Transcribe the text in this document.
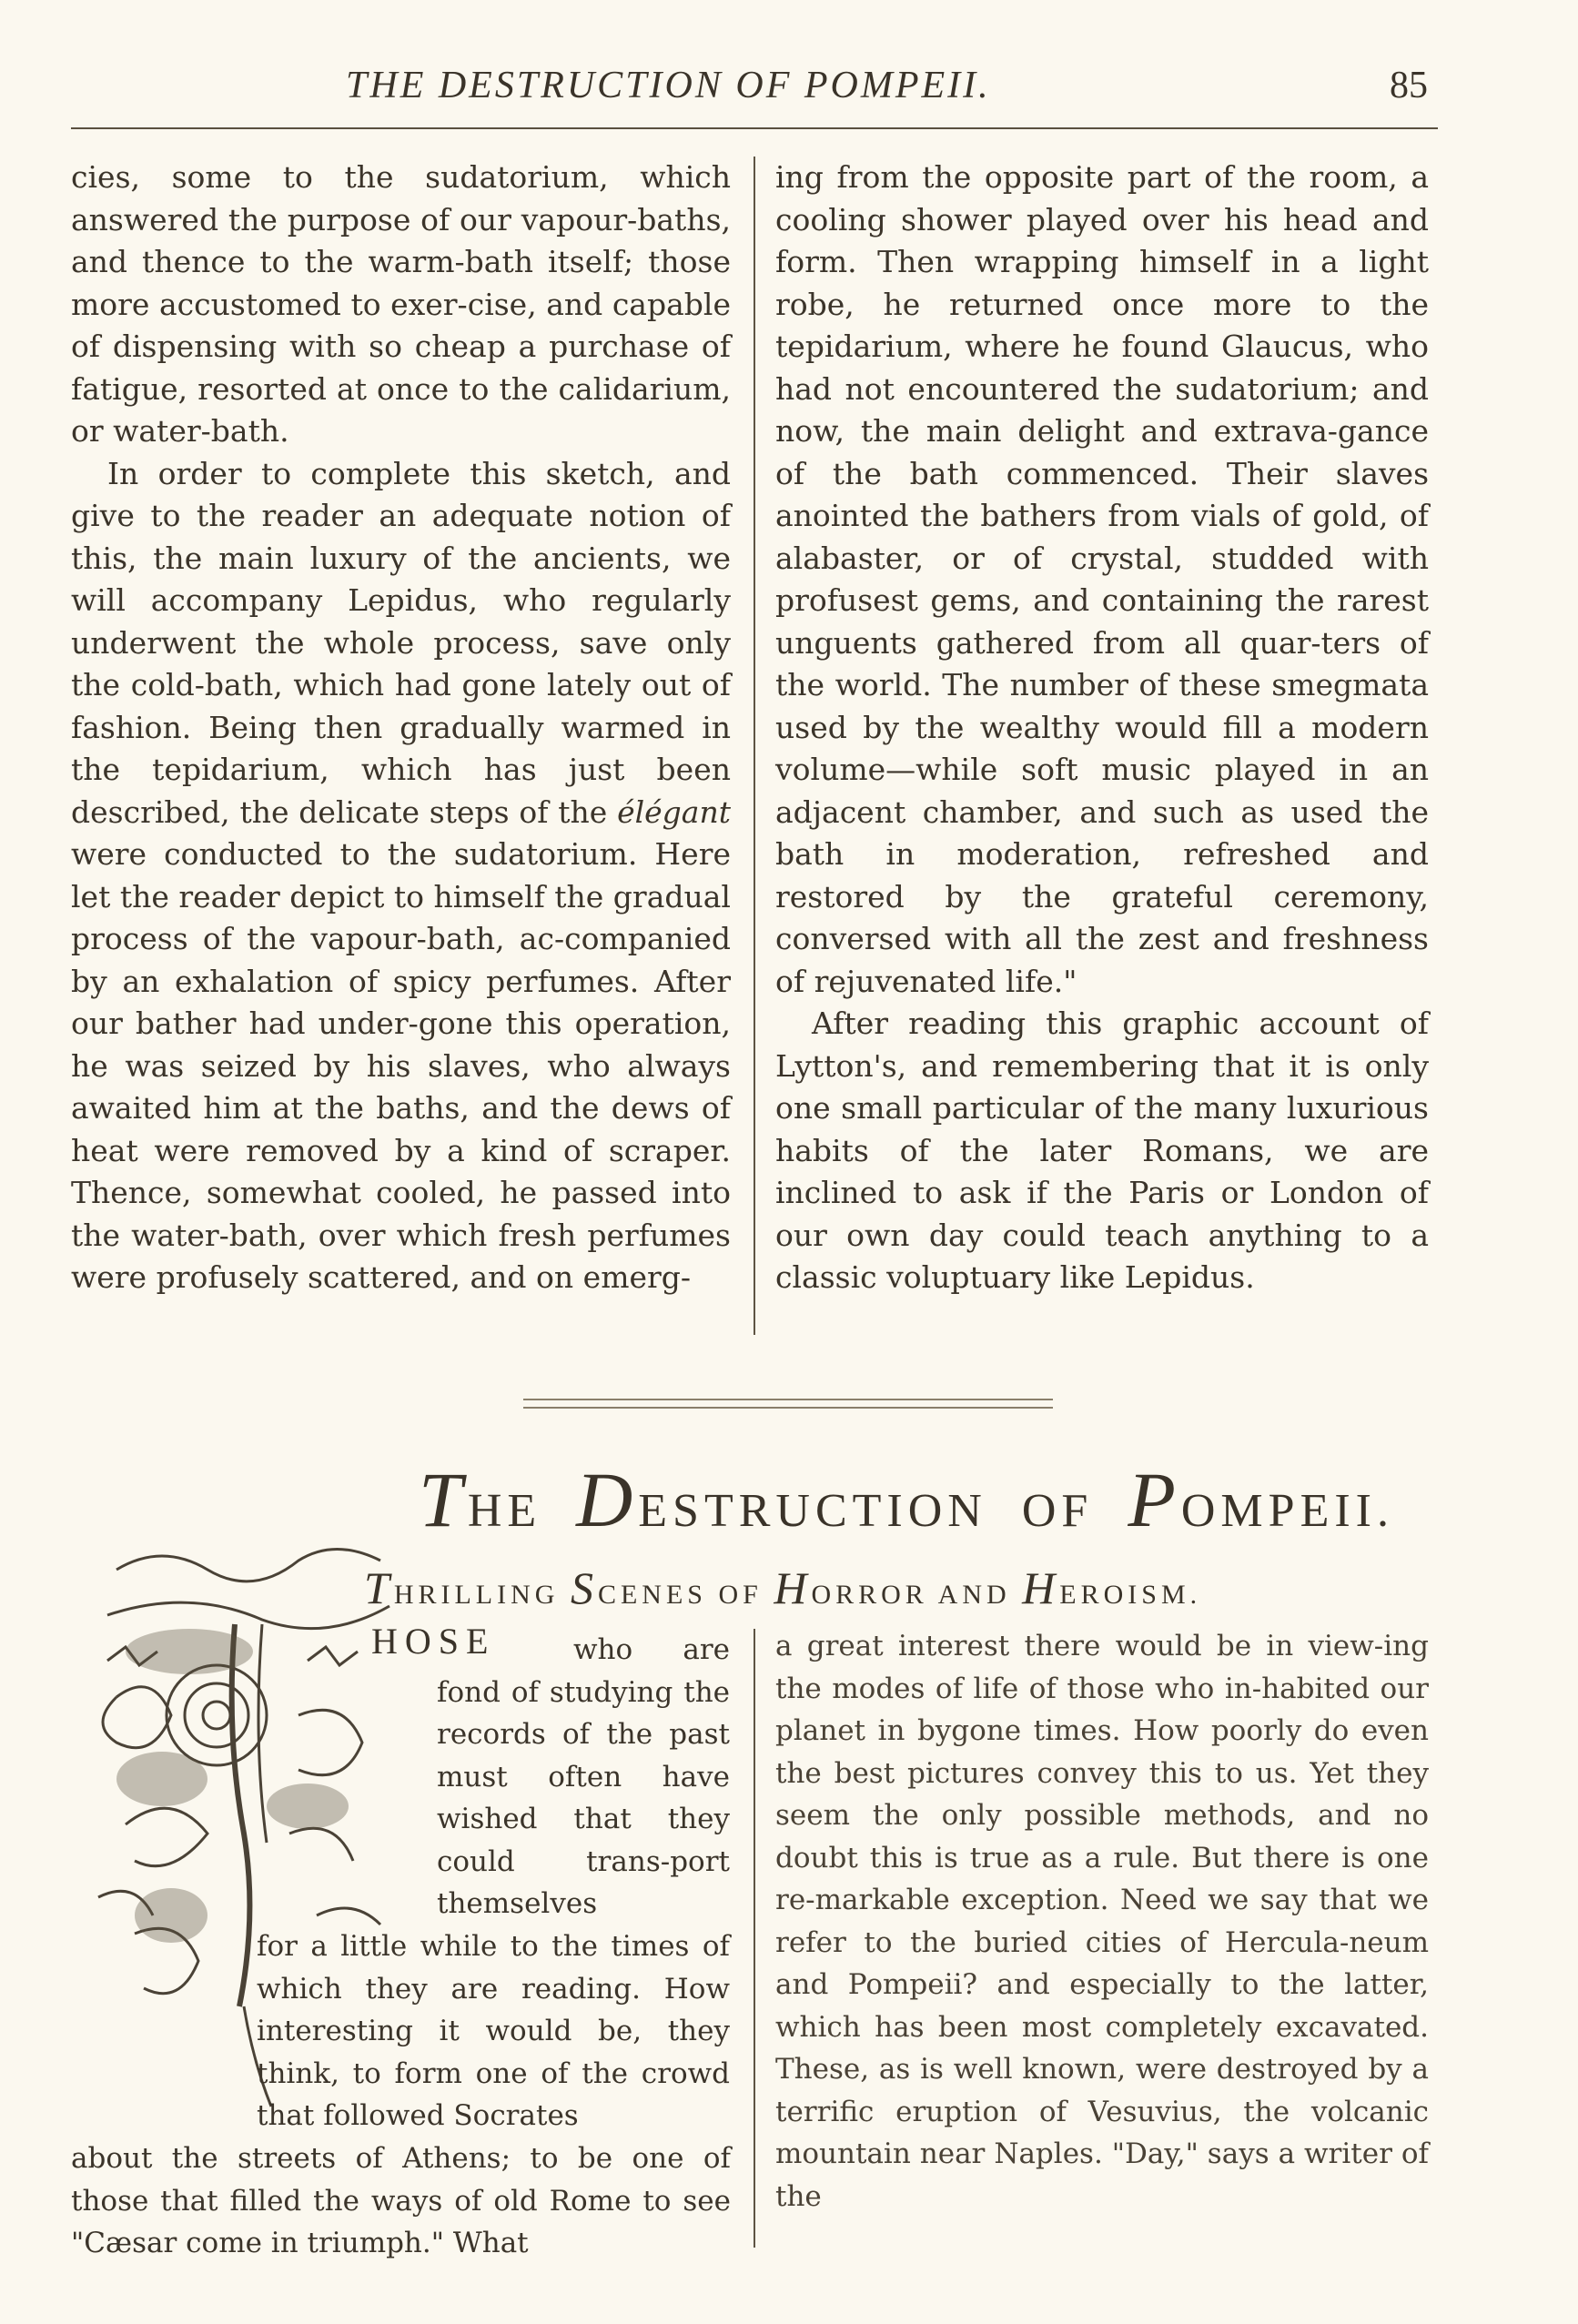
THE DESTRUCTION OF POMPEII.	85

cies, some to the sudatorium, which answered the purpose of our vapour-baths, and thence to the warm-bath itself; those more accustomed to exer-cise, and capable of dispensing with so cheap a purchase of fatigue, resorted at once to the calidarium, or water-bath.

In order to complete this sketch, and give to the reader an adequate notion of this, the main luxury of the ancients, we will accompany Lepidus, who regularly underwent the whole process, save only the cold-bath, which had gone lately out of fashion. Being then gradually warmed in the tepidarium, which has just been described, the delicate steps of the élégant were conducted to the sudatorium. Here let the reader depict to himself the gradual process of the vapour-bath, ac-companied by an exhalation of spicy perfumes. After our bather had under-gone this operation, he was seized by his slaves, who always awaited him at the baths, and the dews of heat were removed by a kind of scraper. Thence, somewhat cooled, he passed into the water-bath, over which fresh perfumes were profusely scattered, and on emerg-

ing from the opposite part of the room, a cooling shower played over his head and form. Then wrapping himself in a light robe, he returned once more to the tepidarium, where he found Glaucus, who had not encountered the sudatorium; and now, the main delight and extrava-gance of the bath commenced. Their slaves anointed the bathers from vials of gold, of alabaster, or of crystal, studded with profusest gems, and containing the rarest unguents gathered from all quar-ters of the world. The number of these smegmata used by the wealthy would fill a modern volume—while soft music played in an adjacent chamber, and such as used the bath in moderation, refreshed and restored by the grateful ceremony, conversed with all the zest and freshness of rejuvenated life."

After reading this graphic account of Lytton's, and remembering that it is only one small particular of the many luxurious habits of the later Romans, we are inclined to ask if the Paris or London of our own day could teach anything to a classic voluptuary like Lepidus.

THE DESTRUCTION OF POMPEII.
THRILLING SCENES OF HORROR AND HEROISM.
HOSE	who are fond of studying the records of the past must often have wished that they could trans-port themselves
for a little while to the times of which they are reading. How interesting it would be, they think, to form one of the crowd that followed Socrates
about the streets of Athens; to be one of those that filled the ways of old Rome to see "Cæsar come in triumph." What
a great interest there would be in view-ing the modes of life of those who in-habited our planet in bygone times. How poorly do even the best pictures convey this to us. Yet they seem the only possible methods, and no doubt this is true as a rule. But there is one re-markable exception. Need we say that we refer to the buried cities of Hercula-neum and Pompeii? and especially to the latter, which has been most completely excavated. These, as is well known, were destroyed by a terrific eruption of Vesuvius, the volcanic mountain near Naples. "Day," says a writer of the
